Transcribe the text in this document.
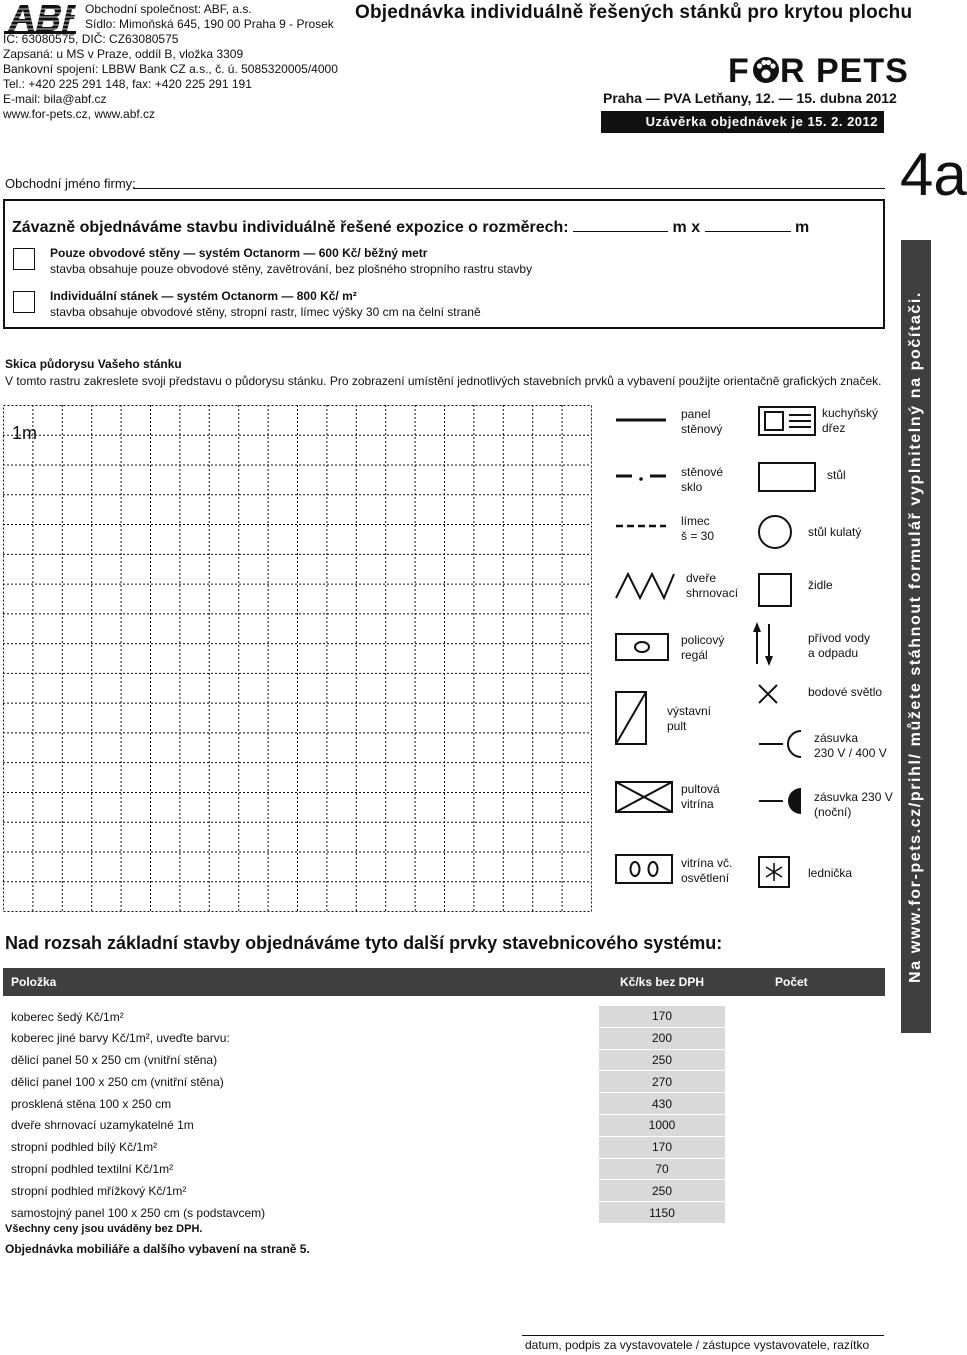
ABF	Obchodní společnost: ABF, a.s.
Sídlo: Mimoňská 645, 190 00 Praha 9 - Prosek
IČ: 63080575, DIČ: CZ63080575
Zapsaná: u MS v Praze, oddíl B, vložka 3309
Bankovní spojení: LBBW Bank CZ a.s., č. ú. 5085320005/4000
Tel.: +420 225 291 148, fax: +420 225 291 191
E-mail: bila@abf.cz
www.for-pets.cz, www.abf.cz
Objednávka individuálně řešených stánků pro krytou plochu
F R PETS
Praha — PVA Letňany, 12. — 15. dubna 2012
Uzávěrka objednávek je 15. 2. 2012
4a
Obchodní jméno firmy:
Na www.for-pets.cz/prihl/ můžete stáhnout formulář vyplnitelný na počítači.
Závazně objednáváme stavbu individuálně řešené expozice o rozměrech:	m x	m
Pouze obvodové stěny — systém Octanorm — 600 Kč/ běžný metr
stavba obsahuje pouze obvodové stěny, zavětrování, bez plošného stropního rastru stavby
Individuální stánek — systém Octanorm — 800 Kč/ m²
stavba obsahuje obvodové stěny, stropní rastr, límec výšky 30 cm na čelní straně
Skica půdorysu Vašeho stánku
V tomto rastru zakreslete svoji představu o půdorysu stánku. Pro zobrazení umístění jednotlivých stavebních prvků a vybavení použijte orientačně grafických značek.
1m
panel
stěnový
stěnové
sklo
límec
š = 30
dveře
shrnovací
policový
regál
výstavní
pult
pultová
vitrína
vitrína vč.
osvětlení
kuchyňský
dřez
stůl
stůl kulatý
židle
přívod vody
a odpadu
bodové světlo
zásuvka
230 V / 400 V
zásuvka 230 V
(noční)
lednička
Nad rozsah základní stavby objednáváme tyto další prvky stavebnicového systému:
Položka	Kč/ks bez DPH	Počet

koberec šedý Kč/1m²	170	
koberec jiné barvy Kč/1m², uveďte barvu:	200	
dělicí panel 50 x 250 cm (vnitřní stěna)	250	
dělicí panel 100 x 250 cm (vnitřní stěna)	270	
prosklená stěna 100 x 250 cm	430	
dveře shrnovací uzamykatelné 1m	1000	
stropní podhled bílý Kč/1m²	170	
stropní podhled textilní Kč/1m²	70	
stropní podhled mřížkový Kč/1m²	250	
samostojný panel 100 x 250 cm (s podstavcem)	1150	
Všechny ceny jsou uváděny bez DPH.
Objednávka mobiliáře a dalšího vybavení na straně 5.
datum, podpis za vystavovatele / zástupce vystavovatele, razítko
